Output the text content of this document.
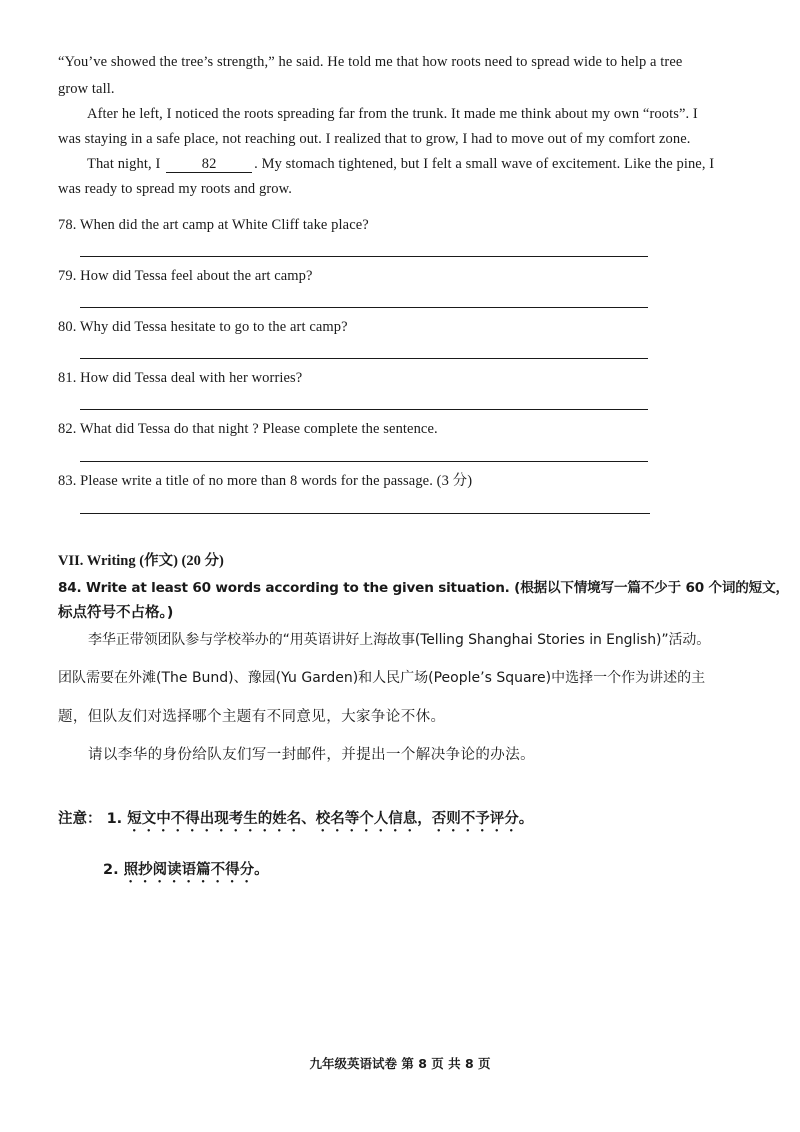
“You’ve showed the tree’s strength,” he said. He told me that how roots need to spread wide to help a tree
grow tall.
After he left, I noticed the roots spreading far from the trunk. It made me think about my own “roots”. I
was staying in a safe place, not reaching out. I realized that to grow, I had to move out of my comfort zone.
That night, I	82	. My stomach tightened, but I felt a small wave of excitement. Like the pine, I
was ready to spread my roots and grow.
78. When did the art camp at White Cliff take place?
79. How did Tessa feel about the art camp?
80. Why did Tessa hesitate to go to the art camp?
81. How did Tessa deal with her worries?
82. What did Tessa do that night ? Please complete the sentence.
83. Please write a title of no more than 8 words for the passage. (3 分)
VII. Writing (作文) (20 分)
84. Write at least 60 words according to the given situation. (根据以下情境写一篇不少于 60 个词的短文，
标点符号不占格。)
李华正带领团队参与学校举办的“用英语讲好上海故事(Telling Shanghai Stories in English)”活动。
团队需要在外滩(The Bund)、豫园(Yu Garden)和人民广场(People’s Square)中选择一个作为讲述的主
题，但队友们对选择哪个主题有不同意见，大家争论不休。
请以李华的身份给队友们写一封邮件，并提出一个解决争论的办法。
注意： 1. 短文中不得出现考生的姓名、校名等个人信息，否则不予评分。
2. 照抄阅读语篇不得分。
九年级英语试卷 第 8 页 共 8 页
